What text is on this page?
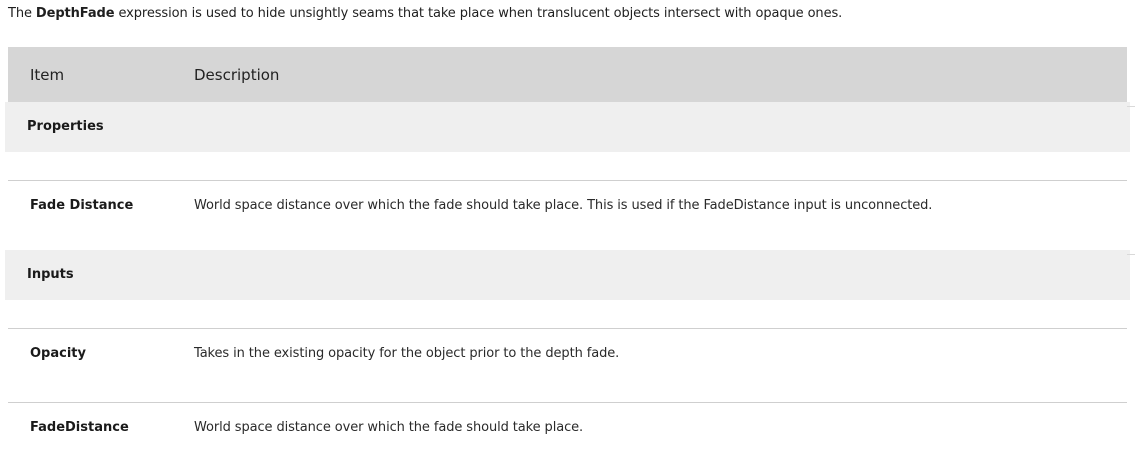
The DepthFade expression is used to hide unsightly seams that take place when translucent objects intersect with opaque ones.

Item	Description
Properties
Fade Distance	World space distance over which the fade should take place. This is used if the FadeDistance input is unconnected.
Inputs
Opacity	Takes in the existing opacity for the object prior to the depth fade.
FadeDistance	World space distance over which the fade should take place.
